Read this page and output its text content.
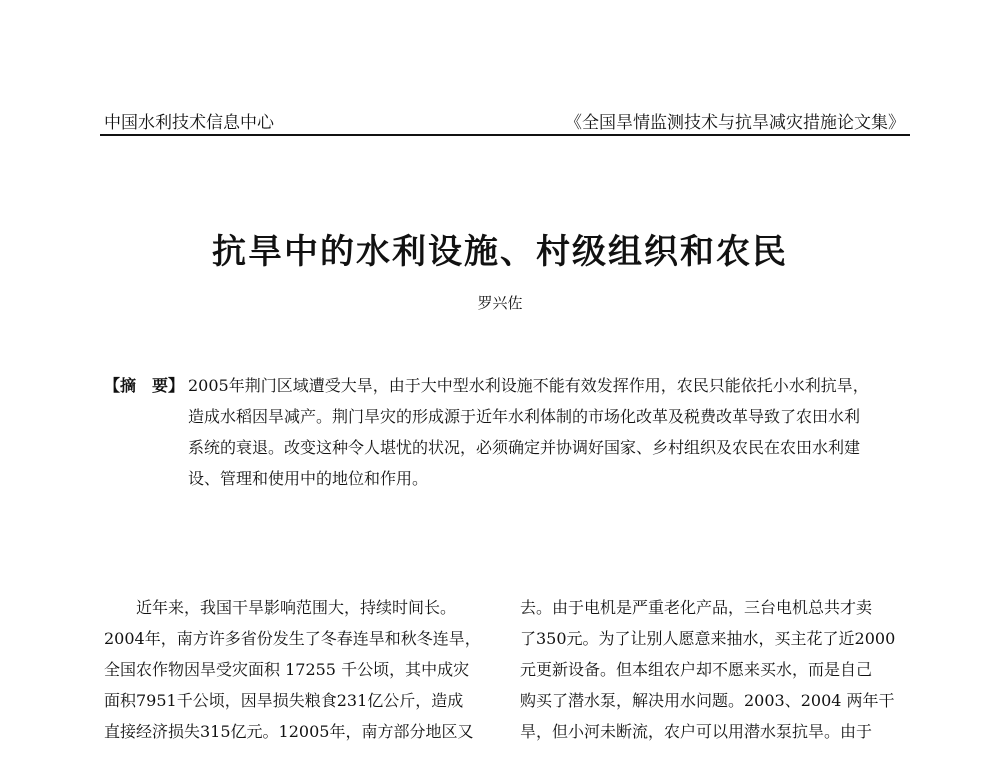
中国水利技术信息中心	《全国旱情监测技术与抗旱减灾措施论文集》
抗旱中的水利设施、村级组织和农民
罗兴佐
【摘　要】 2005年荆门区域遭受大旱，由于大中型水利设施不能有效发挥作用，农民只能依托小水利抗旱，
造成水稻因旱减产。荆门旱灾的形成源于近年水利体制的市场化改革及税费改革导致了农田水利
系统的衰退。改变这种令人堪忧的状况，必须确定并协调好国家、乡村组织及农民在农田水利建
设、管理和使用中的地位和作用。
近年来，我国干旱影响范围大，持续时间长。
2004年，南方许多省份发生了冬春连旱和秋冬连旱，
全国农作物因旱受灾面积 17255 千公顷，其中成灾
面积7951千公顷，因旱损失粮食231亿公斤，造成
直接经济损失315亿元。12005年，南方部分地区又
去。由于电机是严重老化产品，三台电机总共才卖
了350元。为了让别人愿意来抽水，买主花了近2000
元更新设备。但本组农户却不愿来买水，而是自己
购买了潜水泵，解决用水问题。2003、2004 两年干
旱，但小河未断流，农户可以用潜水泵抗旱。由于
